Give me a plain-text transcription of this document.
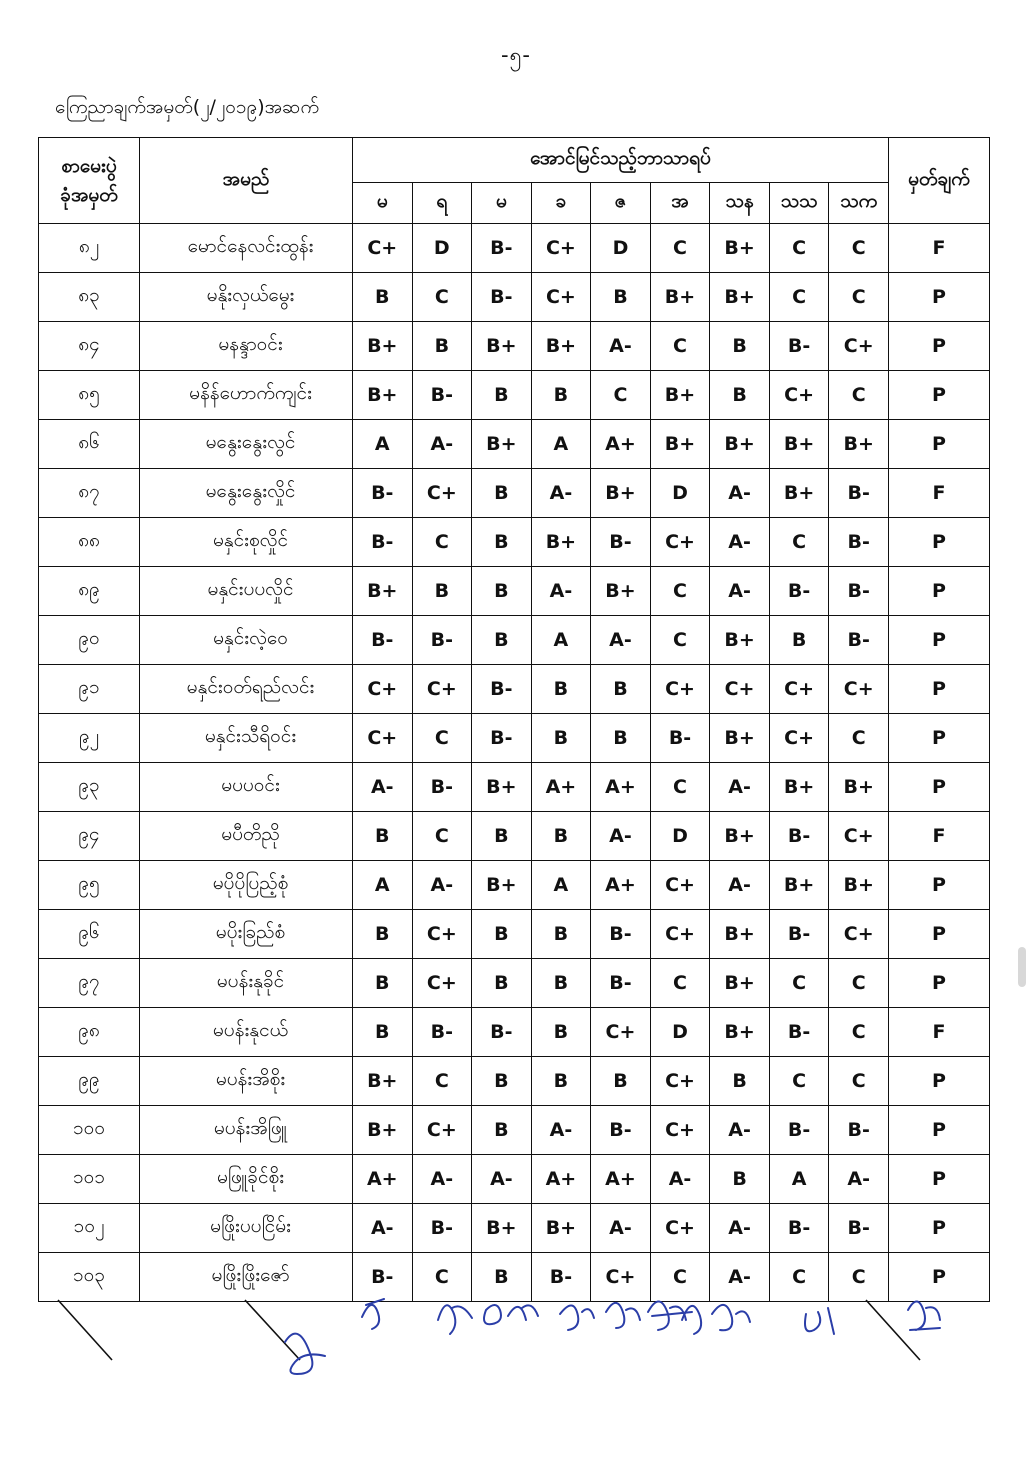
-၅-
ကြေညာချက်အမှတ်(၂/၂၀၁၉)အဆက်
စာမေးပွဲ
ခုံအမှတ်	အမည်	အောင်မြင်သည့်ဘာသာရပ်									မှတ်ချက်
		မ	ရ	မ	ခ	ဇ	အ	သန	သသ	သက	
၈၂	မောင်နေလင်းထွန်း	C+	D	B-	C+	D	C	B+	C	C	F
၈၃	မနိုး‌လှယ်မွေး	B	C	B-	C+	B	B+	B+	C	C	P
၈၄	မနန္ဒာဝင်း	B+	B	B+	B+	A-	C	B	B-	C+	P
၈၅	မနိန်ဟောက်ကျင်း	B+	B-	B	B	C	B+	B	C+	C	P
၈၆	မနွေးနွေးလွင်	A	A-	B+	A	A+	B+	B+	B+	B+	P
၈၇	မနွေးနွေးလှိုင်	B-	C+	B	A-	B+	D	A-	B+	B-	F
၈၈	မနှင်းစုလှိုင်	B-	C	B	B+	B-	C+	A-	C	B-	P
၈၉	မနှင်းပပလှိုင်	B+	B	B	A-	B+	C	A-	B-	B-	P
၉၀	မနှင်းလဲ့ဝေ	B-	B-	B	A	A-	C	B+	B	B-	P
၉၁	မနှင်းဝတ်ရည်လင်း	C+	C+	B-	B	B	C+	C+	C+	C+	P
၉၂	မနှင်းသီရိဝင်း	C+	C	B-	B	B	B-	B+	C+	C	P
၉၃	မပပဝင်း	A-	B-	B+	A+	A+	C	A-	B+	B+	P
၉၄	မပီတိညို	B	C	B	B	A-	D	B+	B-	C+	F
၉၅	မပိုပိုပြည့်စုံ	A	A-	B+	A	A+	C+	A-	B+	B+	P
၉၆	မပိုးခြည်စံ	B	C+	B	B	B-	C+	B+	B-	C+	P
၉၇	မပန်းနုခိုင်	B	C+	B	B	B-	C	B+	C	C	P
၉၈	မပန်းနုငယ်	B	B-	B-	B	C+	D	B+	B-	C	F
၉၉	မပန်းအိစိုး	B+	C	B	B	B	C+	B	C	C	P
၁၀၀	မပန်းအိဖြူ	B+	C+	B	A-	B-	C+	A-	B-	B-	P
၁၀၁	မဖြူခိုင်စိုး	A+	A-	A-	A+	A+	A-	B	A	A-	P
၁၀၂	မဖြိုးပပငြိမ်း	A-	B-	B+	B+	A-	C+	A-	B-	B-	P
၁၀၃	မဖြိုးဖြိုးဇော်	B-	C	B	B-	C+	C	A-	C	C	P
